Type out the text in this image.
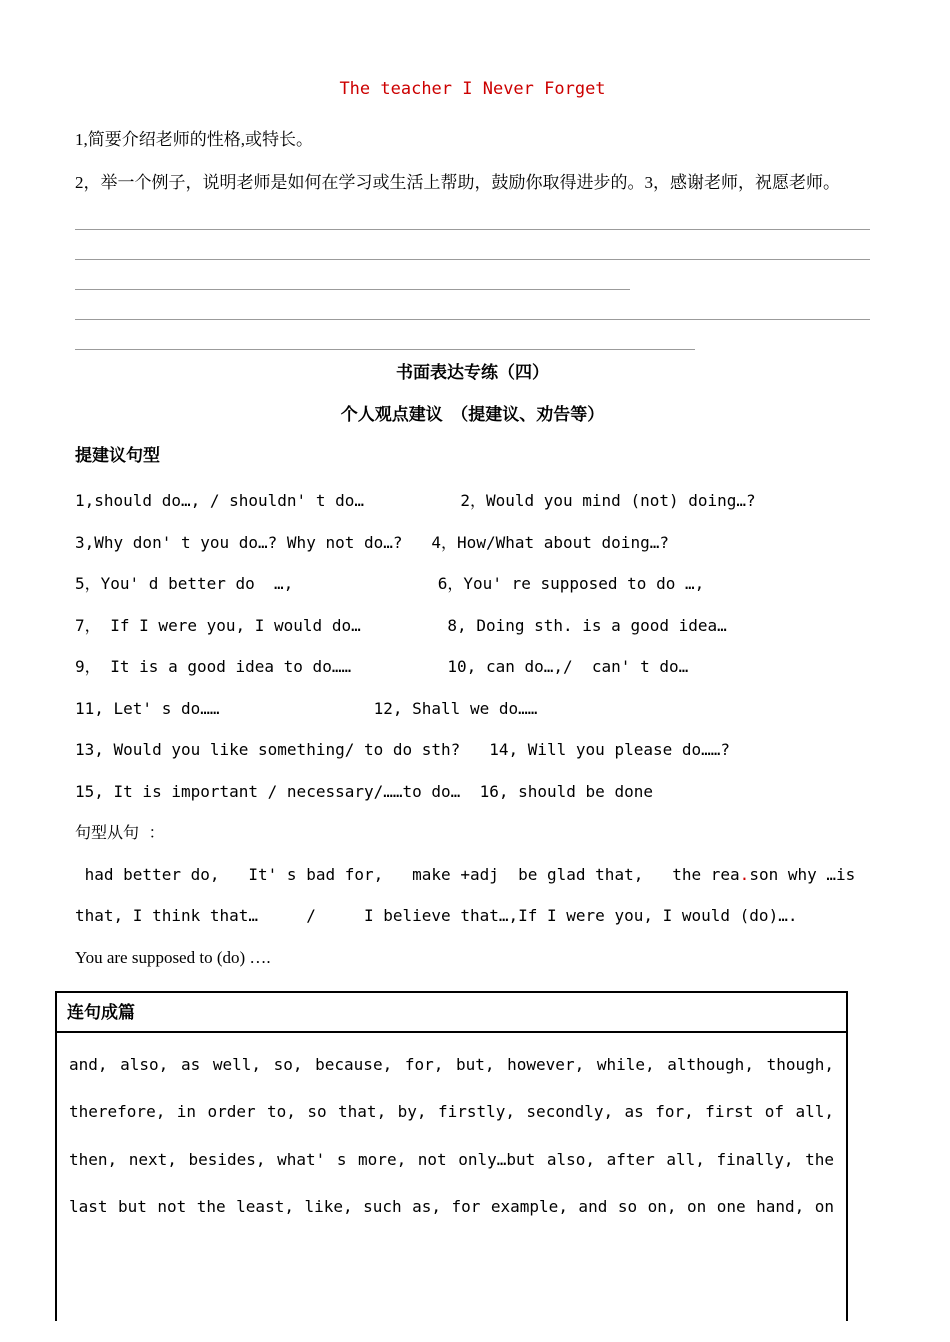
The teacher I Never Forget

1,简要介绍老师的性格,或特长。

2，举一个例子，说明老师是如何在学习或生活上帮助，鼓励你取得进步的。3，感谢老师，祝愿老师。

书面表达专练（四）
个人观点建议　（提建议、劝告等）
提建议句型
1,should do…, / shouldn' t do…          2，Would you mind (not) doing…?
3,Why don' t you do…? Why not do…?   4，How/What about doing…?
5，You' d better do  …,               6，You' re supposed to do …,
7， If I were you, I would do…         8, Doing sth. is a good idea…
9， It is a good idea to do……          10, can do…,/  can' t do…
11, Let' s do……                12, Shall we do……
13, Would you like something/ to do sth?   14, Will you please do……?
15, It is important / necessary/……to do…  16, should be done
句型从句 ：
had better do,   It' s bad for,   make +adj  be glad that,   the rea.son why …is
that, I think that…     /     I believe that…,If I were you, I would (do)….
You are supposed to (do) ….
连句成篇
and, also, as well, so, because, for, but, however, while, although, though,
therefore, in order to, so that, by, firstly, secondly, as for, first of all,
then, next, besides, what' s more, not only…but also, after all, finally, the
last but not the least, like, such as, for example, and so on, on one hand, on
